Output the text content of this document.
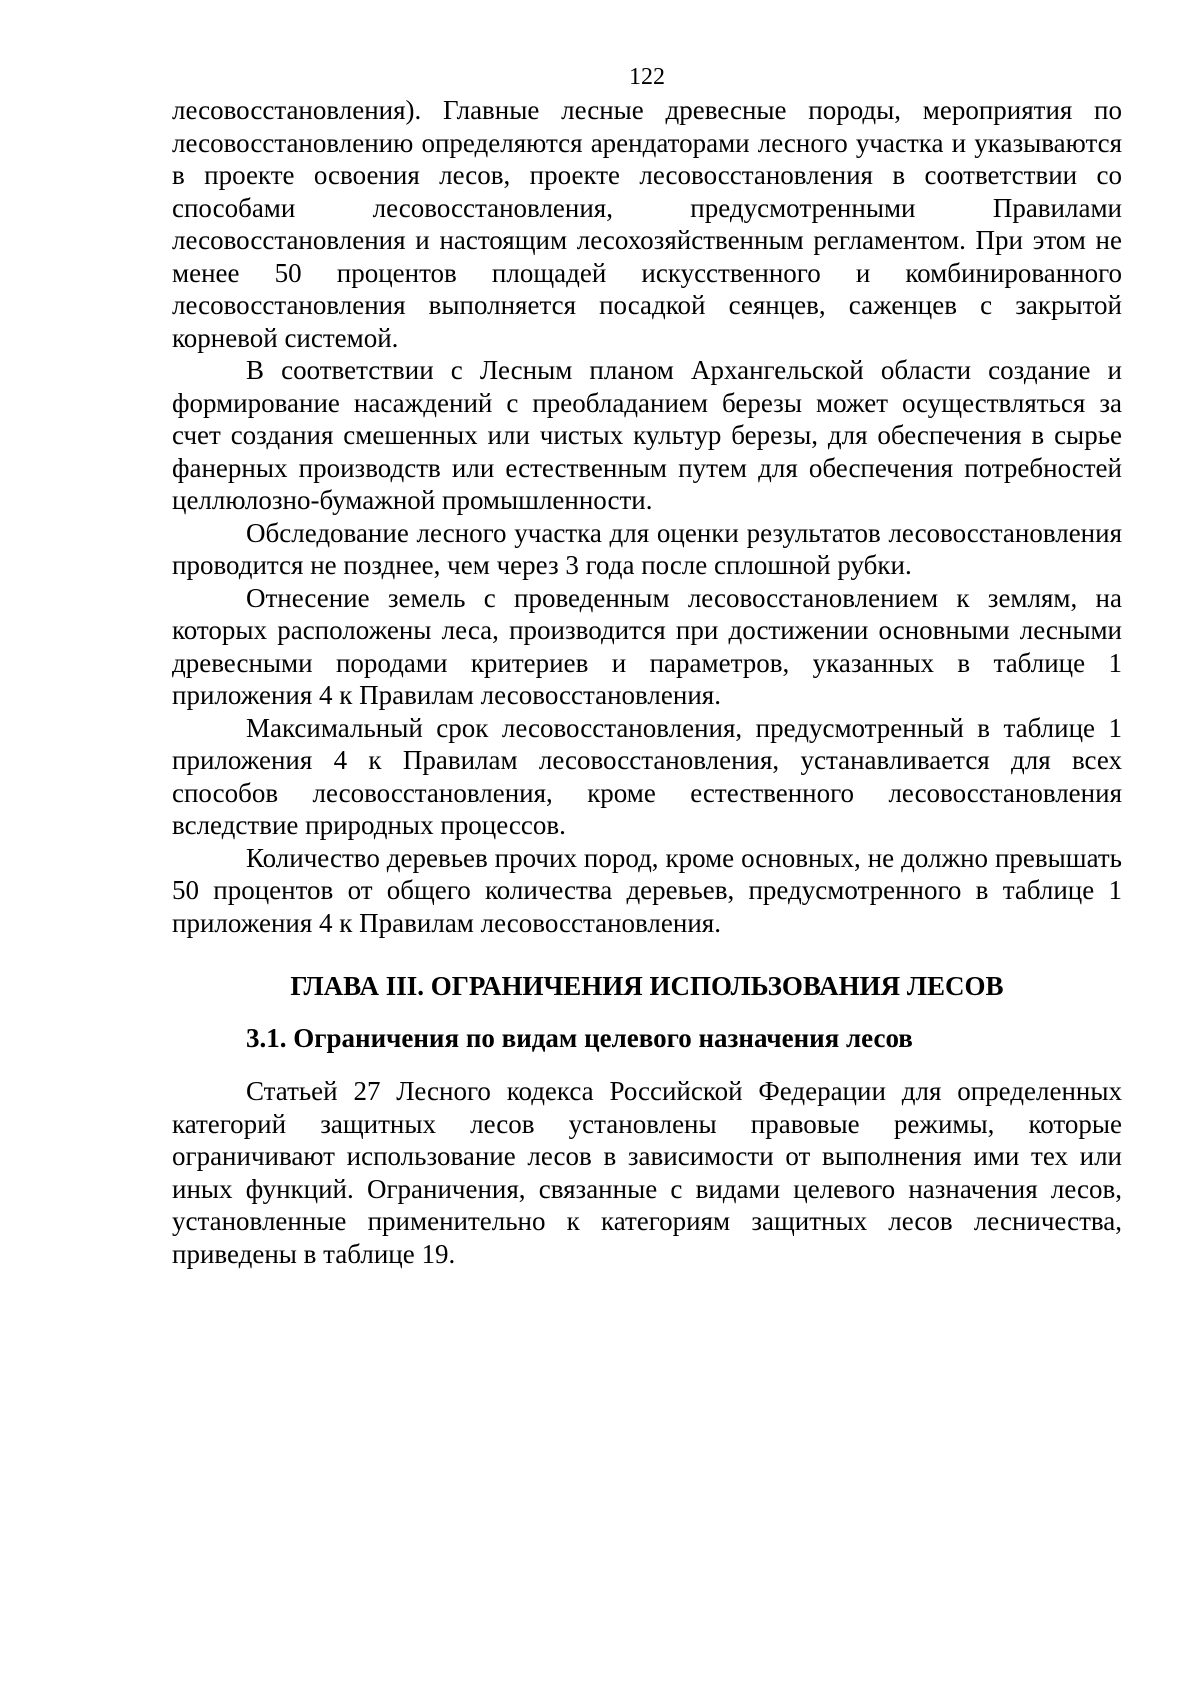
122

лесовосстановления). Главные лесные древесные породы, мероприятия по лесовосстановлению определяются арендаторами лесного участка и указываются в проекте освоения лесов, проекте лесовосстановления в соответствии со способами лесовосстановления, предусмотренными Правилами лесовосстановления и настоящим лесохозяйственным регламентом. При этом не менее 50 процентов площадей искусственного и комбинированного лесовосстановления выполняется посадкой сеянцев, саженцев с закрытой корневой системой.

В соответствии с Лесным планом Архангельской области создание и формирование насаждений с преобладанием березы может осуществляться за счет создания смешенных или чистых культур березы, для обеспечения в сырье фанерных производств или естественным путем для обеспечения потребностей целлюлозно-бумажной промышленности.

Обследование лесного участка для оценки результатов лесовосстановления проводится не позднее, чем через 3 года после сплошной рубки.

Отнесение земель с проведенным лесовосстановлением к землям, на которых расположены леса, производится при достижении основными лесными древесными породами критериев и параметров, указанных в таблице 1 приложения 4 к Правилам лесовосстановления.

Максимальный срок лесовосстановления, предусмотренный в таблице 1 приложения 4 к Правилам лесовосстановления, устанавливается для всех способов лесовосстановления, кроме естественного лесовосстановления вследствие природных процессов.

Количество деревьев прочих пород, кроме основных, не должно превышать 50 процентов от общего количества деревьев, предусмотренного в таблице 1 приложения 4 к Правилам лесовосстановления.

ГЛАВА III. ОГРАНИЧЕНИЯ ИСПОЛЬЗОВАНИЯ ЛЕСОВ
3.1. Ограничения по видам целевого назначения лесов

Статьей 27 Лесного кодекса Российской Федерации для определенных категорий защитных лесов установлены правовые режимы, которые ограничивают использование лесов в зависимости от выполнения ими тех или иных функций. Ограничения, связанные с видами целевого назначения лесов, установленные применительно к категориям защитных лесов лесничества, приведены в таблице 19.
